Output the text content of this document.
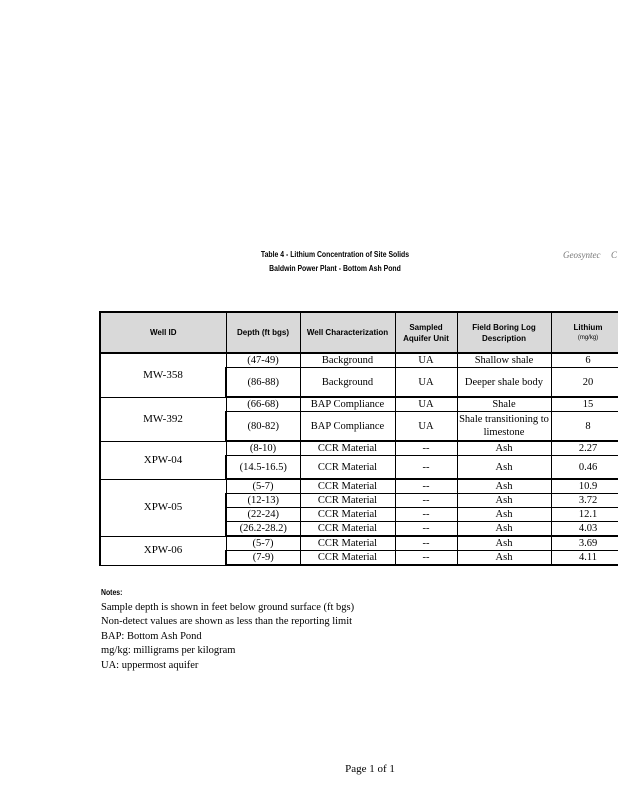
Table 4 - Lithium Concentration of Site Solids
Baldwin Power Plant - Bottom Ash Pond
Geosyntec C
Well ID	Depth (ft bgs)	Well Characterization	Sampled Aquifer Unit	Field Boring Log Description	Lithium
(mg/kg)

MW-358	(47-49)	Background	UA	Shallow shale	6
	(86-88)	Background	UA	Deeper shale body	20
MW-392	(66-68)	BAP Compliance	UA	Shale	15
	(80-82)	BAP Compliance	UA	Shale transitioning to limestone	8
XPW-04	(8-10)	CCR Material	--	Ash	2.27
	(14.5-16.5)	CCR Material	--	Ash	0.46
XPW-05	(5-7)	CCR Material	--	Ash	10.9
	(12-13)	CCR Material	--	Ash	3.72
	(22-24)	CCR Material	--	Ash	12.1
	(26.2-28.2)	CCR Material	--	Ash	4.03
XPW-06	(5-7)	CCR Material	--	Ash	3.69
	(7-9)	CCR Material	--	Ash	4.11
Notes:
Sample depth is shown in feet below ground surface (ft bgs)
Non-detect values are shown as less than the reporting limit
BAP: Bottom Ash Pond
mg/kg: milligrams per kilogram
UA: uppermost aquifer
Page 1 of 1
